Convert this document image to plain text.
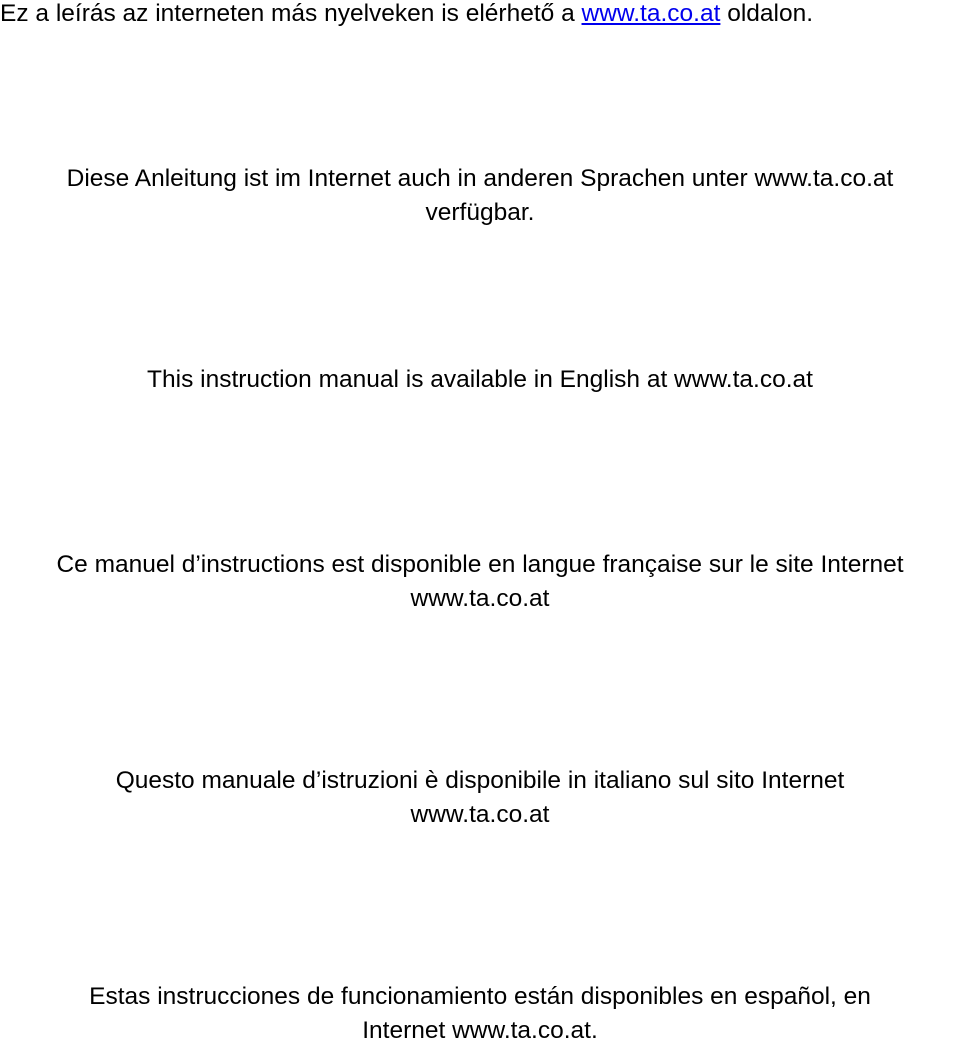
Ez a leírás az interneten más nyelveken is elérhető a www.ta.co.at oldalon.
Diese Anleitung ist im Internet auch in anderen Sprachen unter www.ta.co.at
verfügbar.
This instruction manual is available in English at www.ta.co.at
Ce manuel d’instructions est disponible en langue française sur le site Internet
www.ta.co.at
Questo manuale d’istruzioni è disponibile in italiano sul sito Internet
www.ta.co.at
Estas instrucciones de funcionamiento están disponibles en español, en
Internet www.ta.co.at.
